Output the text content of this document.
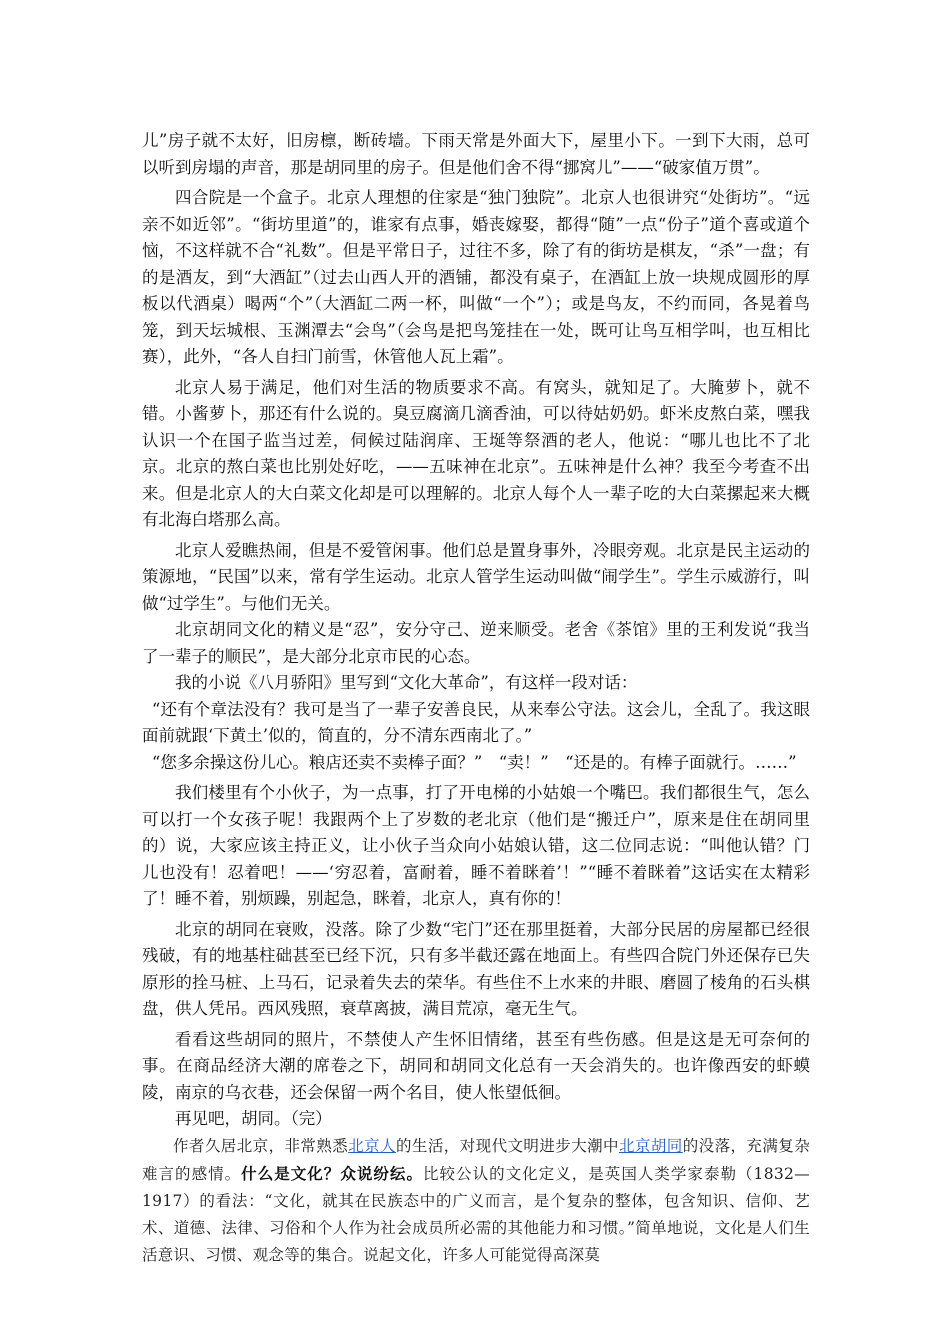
儿”房子就不太好，旧房檩，断砖墙。下雨天常是外面大下，屋里小下。一到下大雨，总可以听到房塌的声音，那是胡同里的房子。但是他们舍不得“挪窝儿”——“破家值万贯”。

四合院是一个盒子。北京人理想的住家是“独门独院”。北京人也很讲究“处街坊”。“远亲不如近邻”。“街坊里道”的，谁家有点事，婚丧嫁娶，都得“随”一点“份子”道个喜或道个恼，不这样就不合“礼数”。但是平常日子，过往不多，除了有的街坊是棋友，“杀”一盘；有的是酒友，到“大酒缸”（过去山西人开的酒铺，都没有桌子，在酒缸上放一块规成圆形的厚板以代酒桌）喝两“个”（大酒缸二两一杯，叫做“一个”）；或是鸟友，不约而同，各晃着鸟笼，到天坛城根、玉渊潭去“会鸟”（会鸟是把鸟笼挂在一处，既可让鸟互相学叫，也互相比赛），此外，“各人自扫门前雪，休管他人瓦上霜”。

北京人易于满足，他们对生活的物质要求不高。有窝头，就知足了。大腌萝卜，就不错。小酱萝卜，那还有什么说的。臭豆腐滴几滴香油，可以待姑奶奶。虾米皮熬白菜，嘿我认识一个在国子监当过差，伺候过陆润庠、王埏等祭酒的老人，他说：“哪儿也比不了北京。北京的熬白菜也比别处好吃，——五味神在北京”。五味神是什么神？我至今考查不出来。但是北京人的大白菜文化却是可以理解的。北京人每个人一辈子吃的大白菜摞起来大概有北海白塔那么高。

北京人爱瞧热闹，但是不爱管闲事。他们总是置身事外，冷眼旁观。北京是民主运动的策源地，“民国”以来，常有学生运动。北京人管学生运动叫做“闹学生”。学生示威游行，叫做“过学生”。与他们无关。

北京胡同文化的精义是“忍”，安分守己、逆来顺受。老舍《茶馆》里的王利发说“我当了一辈子的顺民”，是大部分北京市民的心态。

我的小说《八月骄阳》里写到“文化大革命”，有这样一段对话：

“还有个章法没有？我可是当了一辈子安善良民，从来奉公守法。这会儿，全乱了。我这眼面前就跟‘下黄土’似的，简直的，分不清东西南北了。”

“您多余操这份儿心。粮店还卖不卖棒子面？”　“卖！”　“还是的。有棒子面就行。……”

我们楼里有个小伙子，为一点事，打了开电梯的小姑娘一个嘴巴。我们都很生气，怎么可以打一个女孩子呢！我跟两个上了岁数的老北京（他们是“搬迁户”，原来是住在胡同里的）说，大家应该主持正义，让小伙子当众向小姑娘认错，这二位同志说：“叫他认错？门儿也没有！忍着吧！——‘穷忍着，富耐着，睡不着眯着’！”“睡不着眯着”这话实在太精彩了！睡不着，别烦躁，别起急，眯着，北京人，真有你的！

北京的胡同在衰败，没落。除了少数“宅门”还在那里挺着，大部分民居的房屋都已经很残破，有的地基柱础甚至已经下沉，只有多半截还露在地面上。有些四合院门外还保存已失原形的拴马桩、上马石，记录着失去的荣华。有些住不上水来的井眼、磨圆了棱角的石头棋盘，供人凭吊。西风残照，衰草离披，满目荒凉，毫无生气。

看看这些胡同的照片，不禁使人产生怀旧情绪，甚至有些伤感。但是这是无可奈何的事。在商品经济大潮的席卷之下，胡同和胡同文化总有一天会消失的。也许像西安的虾蟆陵，南京的乌衣巷，还会保留一两个名目，使人怅望低徊。

再见吧，胡同。（完）

作者久居北京，非常熟悉北京人的生活，对现代文明进步大潮中北京胡同的没落，充满复杂难言的感情。什么是文化？众说纷纭。比较公认的文化定义，是英国人类学家泰勒（1832—1917）的看法：“文化，就其在民族态中的广义而言，是个复杂的整体，包含知识、信仰、艺术、道德、法律、习俗和个人作为社会成员所必需的其他能力和习惯。”简单地说，文化是人们生活意识、习惯、观念等的集合。说起文化，许多人可能觉得高深莫
